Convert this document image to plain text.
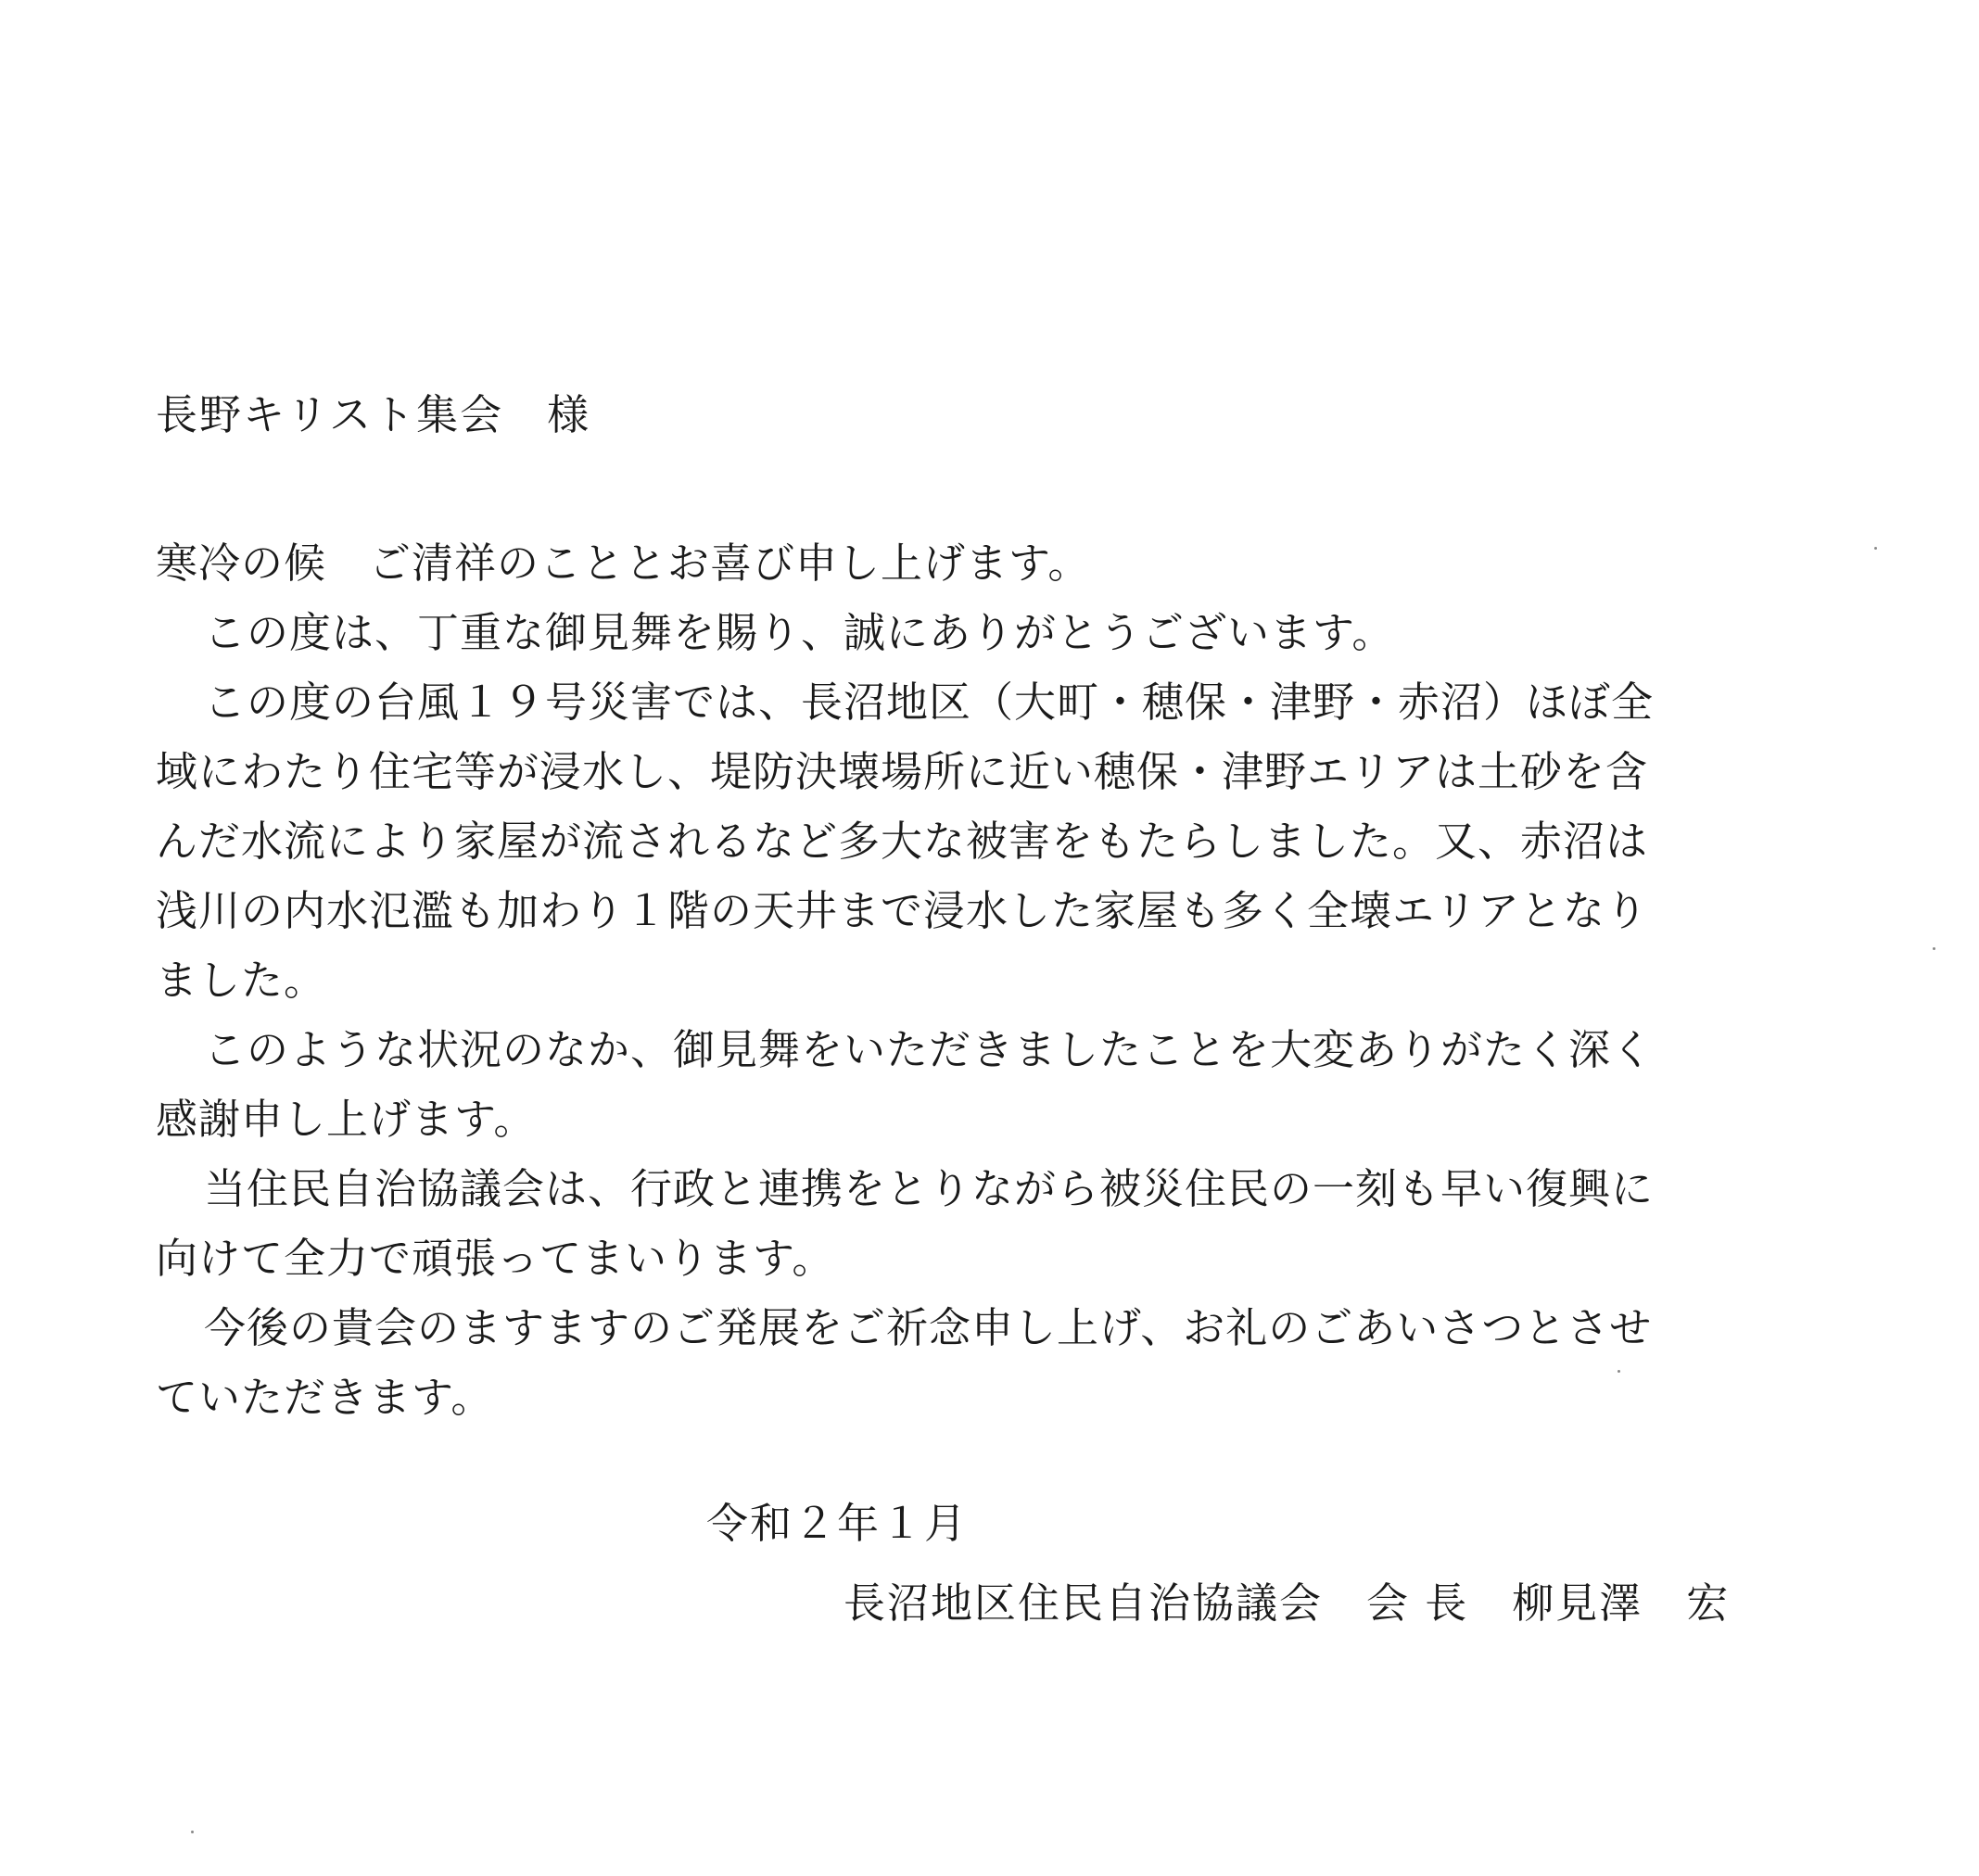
長野キリスト集会　様
寒冷の候　ご清祥のこととお喜び申し上げます。
この度は、丁重な御見舞を賜り、誠にありがとうございます。
この度の台風１９号災害では、長沼地区（大町・穂保・津野・赤沼）ほぼ全
域にわたり住宅等が浸水し、堤防決壊場所に近い穂保・津野エリアは土砂を含
んだ水流により家屋が流されるなど多大な被害をもたらしました。又、赤沼は
浅川の内水氾濫も加わり１階の天井まで浸水した家屋も多く全壊エリアとなり
ました。
このような状況のなか、御見舞をいただきましたことを大変ありがたく深く
感謝申し上げます。
当住民自治協議会は、行政と連携をとりながら被災住民の一刻も早い復興に
向けて全力で頑張ってまいります。
今後の貴会のますますのご発展をご祈念申し上げ、お礼のごあいさつとさせ
ていただきます。
令和２年１月
長沼地区住民自治協議会　会 長　柳見澤　宏
